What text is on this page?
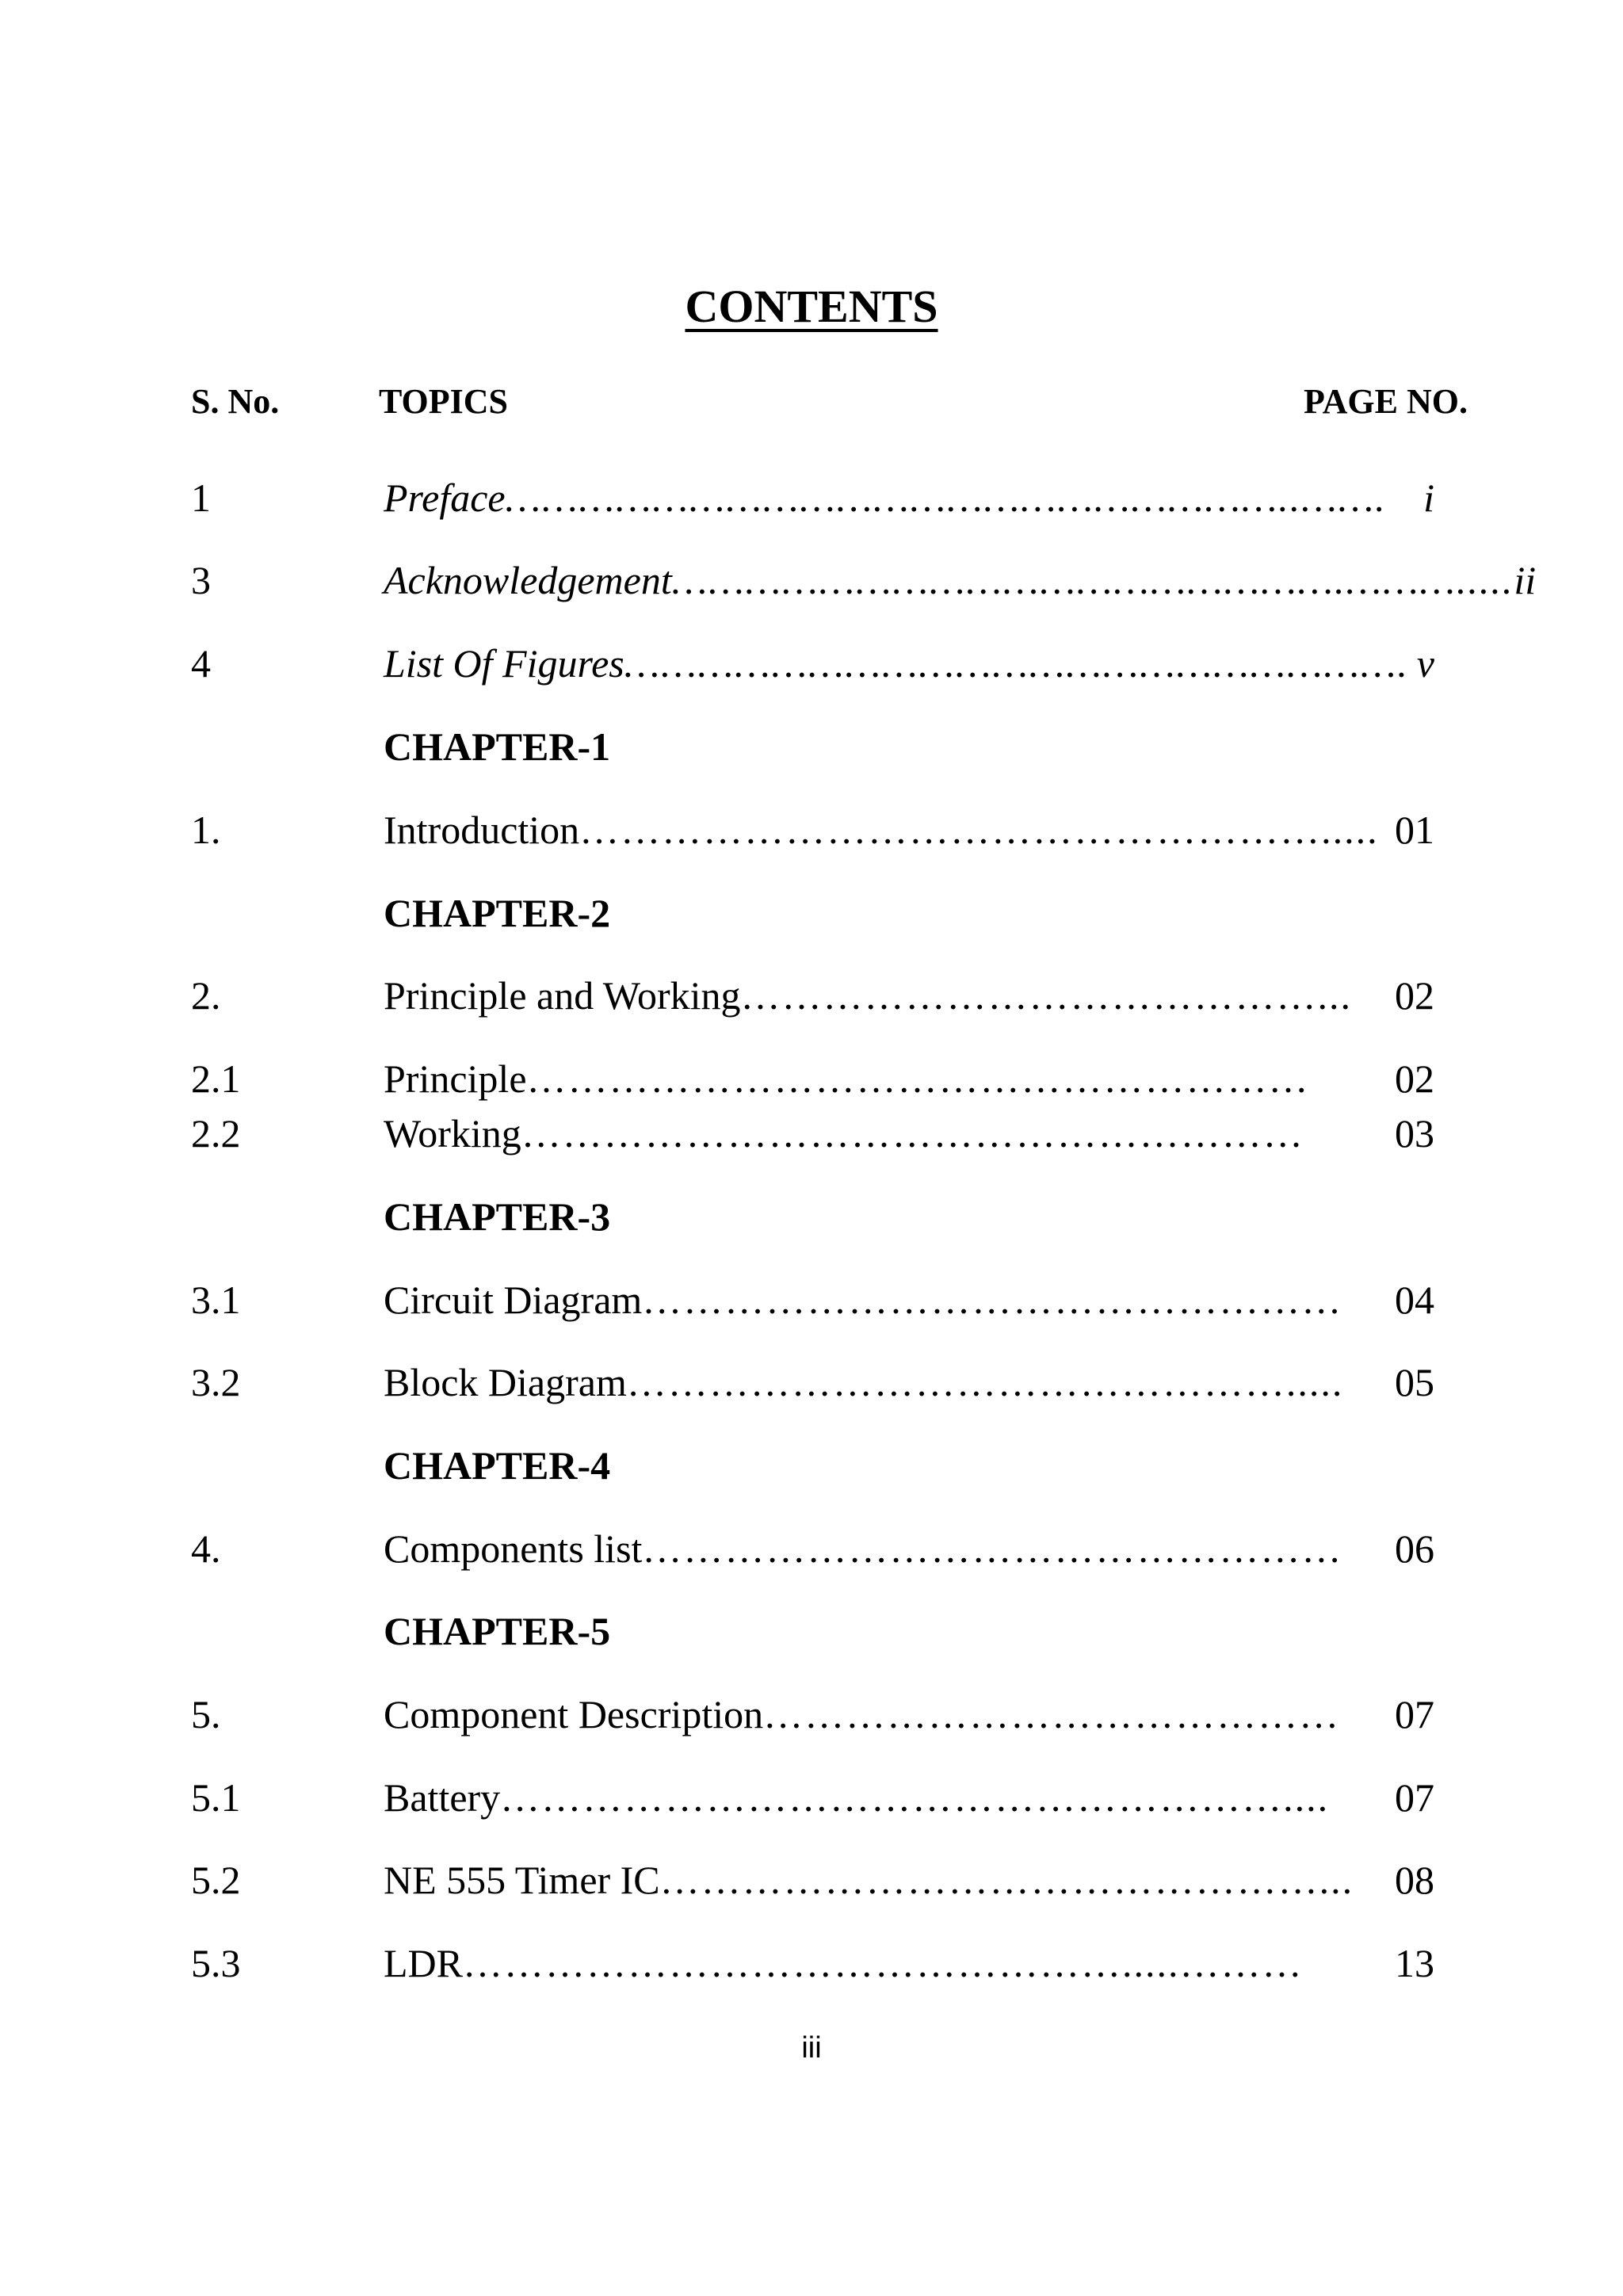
CONTENTS
S. No.	TOPICS	PAGE NO.
1	Preface ………………………………………………………..……. i
3	Acknowledgement ……………………………………………….………..... ii
4	List Of Figures ………………………………………………………. v
CHAPTER-1
1.	Introduction ………………………………………………..... 01
CHAPTER-2
2.	Principle and Working ……………………………………...	02
2.1	Principle …………………………………………………	02
2.2	Working …………………………………………………	03
CHAPTER-3
3.1	Circuit Diagram ……………………………………………	04
3.2	Block Diagram ………………………………………….....	05
CHAPTER-4
4.	Components list ……………………………………………	06
CHAPTER-5
5.	Component Description ……………………………………	07
5.1	Battery …………………………………………………....	07
5.2	NE 555 Timer IC …………………………………………...	08
5.3	LDR ………………………………………….....………	13
iii
